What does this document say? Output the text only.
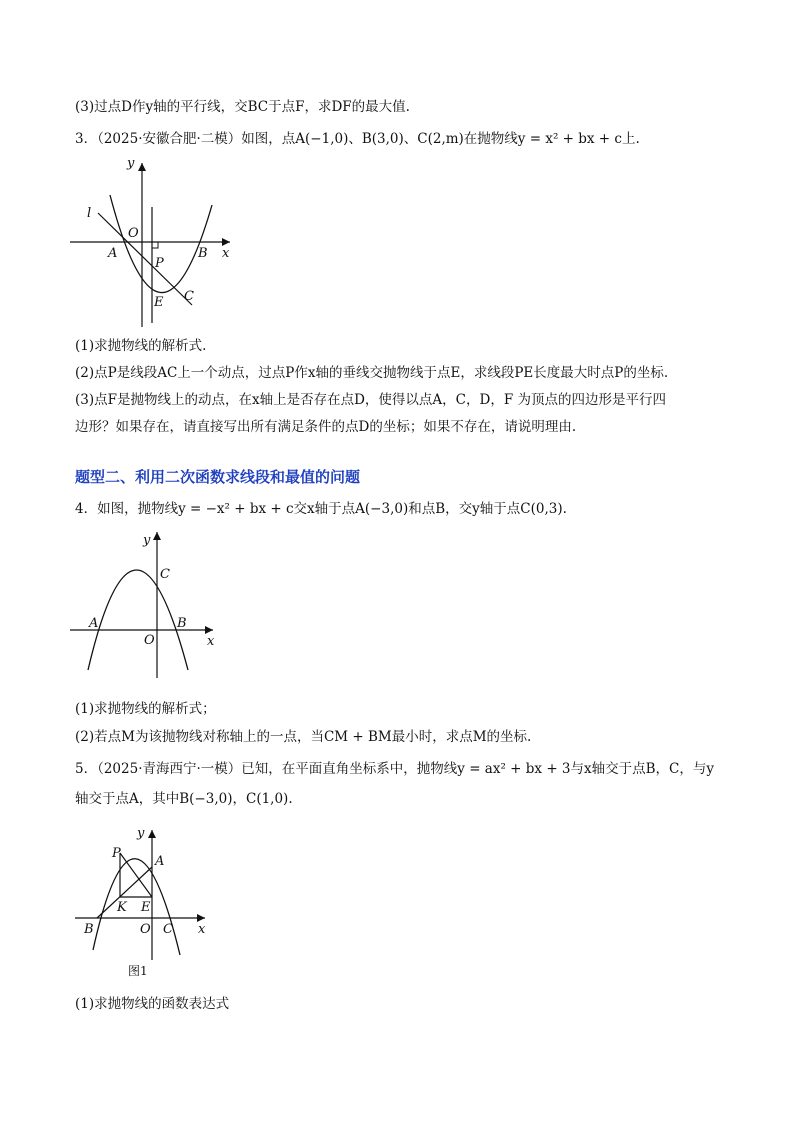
(3)过点D作y轴的平行线，交BC于点F，求DF的最大值.
3．（2025·安徽合肥·二模）如图，点A(−1,0)、B(3,0)、C(2,m)在抛物线y = x² + bx + c上.
y
x
l
O
A	B
P
E C
(1)求抛物线的解析式.
(2)点P是线段AC上一个动点，过点P作x轴的垂线交抛物线于点E，求线段PE长度最大时点P的坐标.
(3)点F是抛物线上的动点，在x轴上是否存在点D，使得以点A，C，D，F 为顶点的四边形是平行四
边形？如果存在，请直接写出所有满足条件的点D的坐标；如果不存在，请说明理由.
题型二、利用二次函数求线段和最值的问题
4．如图，抛物线y = −x² + bx + c交x轴于点A(−3,0)和点B，交y轴于点C(0,3).
y
x
A	B
C
O
(1)求抛物线的解析式；
(2)若点M为该抛物线对称轴上的一点，当CM + BM最小时，求点M的坐标.
5．（2025·青海西宁·一模）已知，在平面直角坐标系中，抛物线y = ax² + bx + 3与x轴交于点B，C，与y
轴交于点A，其中B(−3,0)，C(1,0).
y
x
P
A
K E
B	O C
图1
(1)求抛物线的函数表达式
